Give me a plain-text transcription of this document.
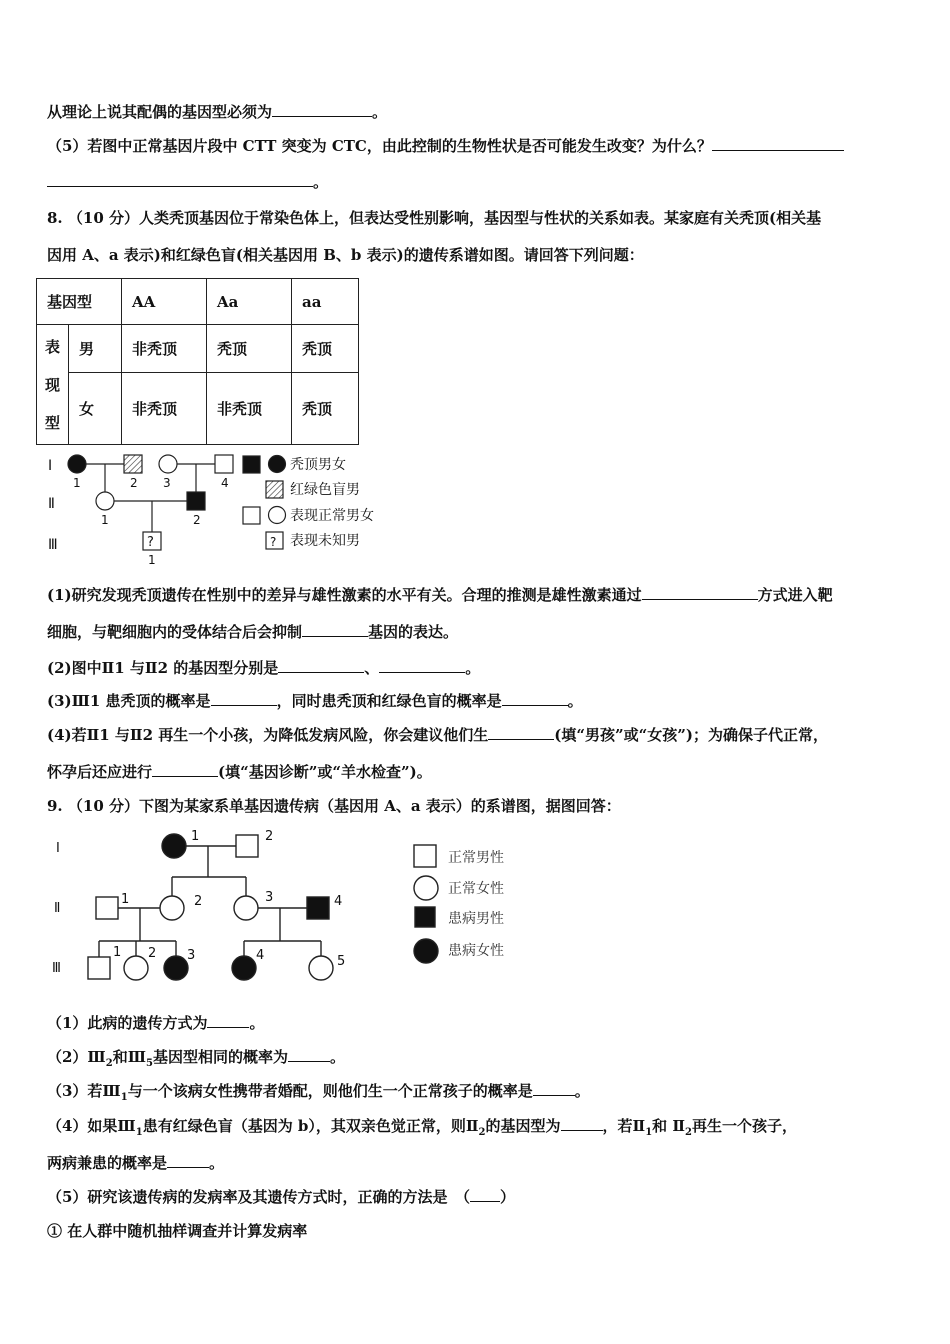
从理论上说其配偶的基因型必须为	。
（5）若图中正常基因片段中 CTT 突变为 CTC，由此控制的生物性状是否可能发生改变？为什么？
。
8. （10 分）人类秃顶基因位于常染色体上，但表达受性别影响，基因型与性状的关系如表。某家庭有关秃顶(相关基
因用 A、a 表示)和红绿色盲(相关基因用 B、b 表示)的遗传系谱如图。请回答下列问题：
基因型		AA	Aa	aa
表
现
型	男	非秃顶	秃顶	秃顶
	女	非秃顶	非秃顶	秃顶
Ⅰ
Ⅱ
Ⅲ	?
1	2 3	4
1	2
1
秃顶男女
红绿色盲男
表现正常男女
? 表现未知男
(1)研究发现秃顶遗传在性别中的差异与雄性激素的水平有关。合理的推测是雄性激素通过	方式进入靶
细胞，与靶细胞内的受体结合后会抑制	基因的表达。
(2)图中Ⅱ1 与Ⅱ2 的基因型分别是	、	。
(3)Ⅲ1 患秃顶的概率是	，同时患秃顶和红绿色盲的概率是	。
(4)若Ⅱ1 与Ⅱ2 再生一个小孩，为降低发病风险，你会建议他们生	(填“男孩”或“女孩”)；为确保子代正常，
怀孕后还应进行	(填“基因诊断”或“羊水检查”)。
9. （10 分）下图为某家系单基因遗传病（基因用 A、a 表示）的系谱图，据图回答：
Ⅰ
Ⅱ
Ⅲ
1	2
1	2	3	4
1 2 3	4	5
正常男性
正常女性
患病男性
患病女性
（1）此病的遗传方式为	。
$(2)Ⅲ_2$和$Ⅲ_5$基因型相同的概率为	。
（3）若$Ⅲ_1$与一个该病女性携带者婚配，则他们生一个正常孩子的概率是	。
（4）如果$Ⅲ_1$患有红绿色盲（基因为 b），其双亲色觉正常，则$Ⅱ_2$的基因型为	，若$Ⅱ_1$和 $Ⅱ_2$再生一个孩子，
两病兼患的概率是	。
（5）研究该遗传病的发病率及其遗传方式时，正确的方法是　（ ）
① 在人群中随机抽样调查并计算发病率
